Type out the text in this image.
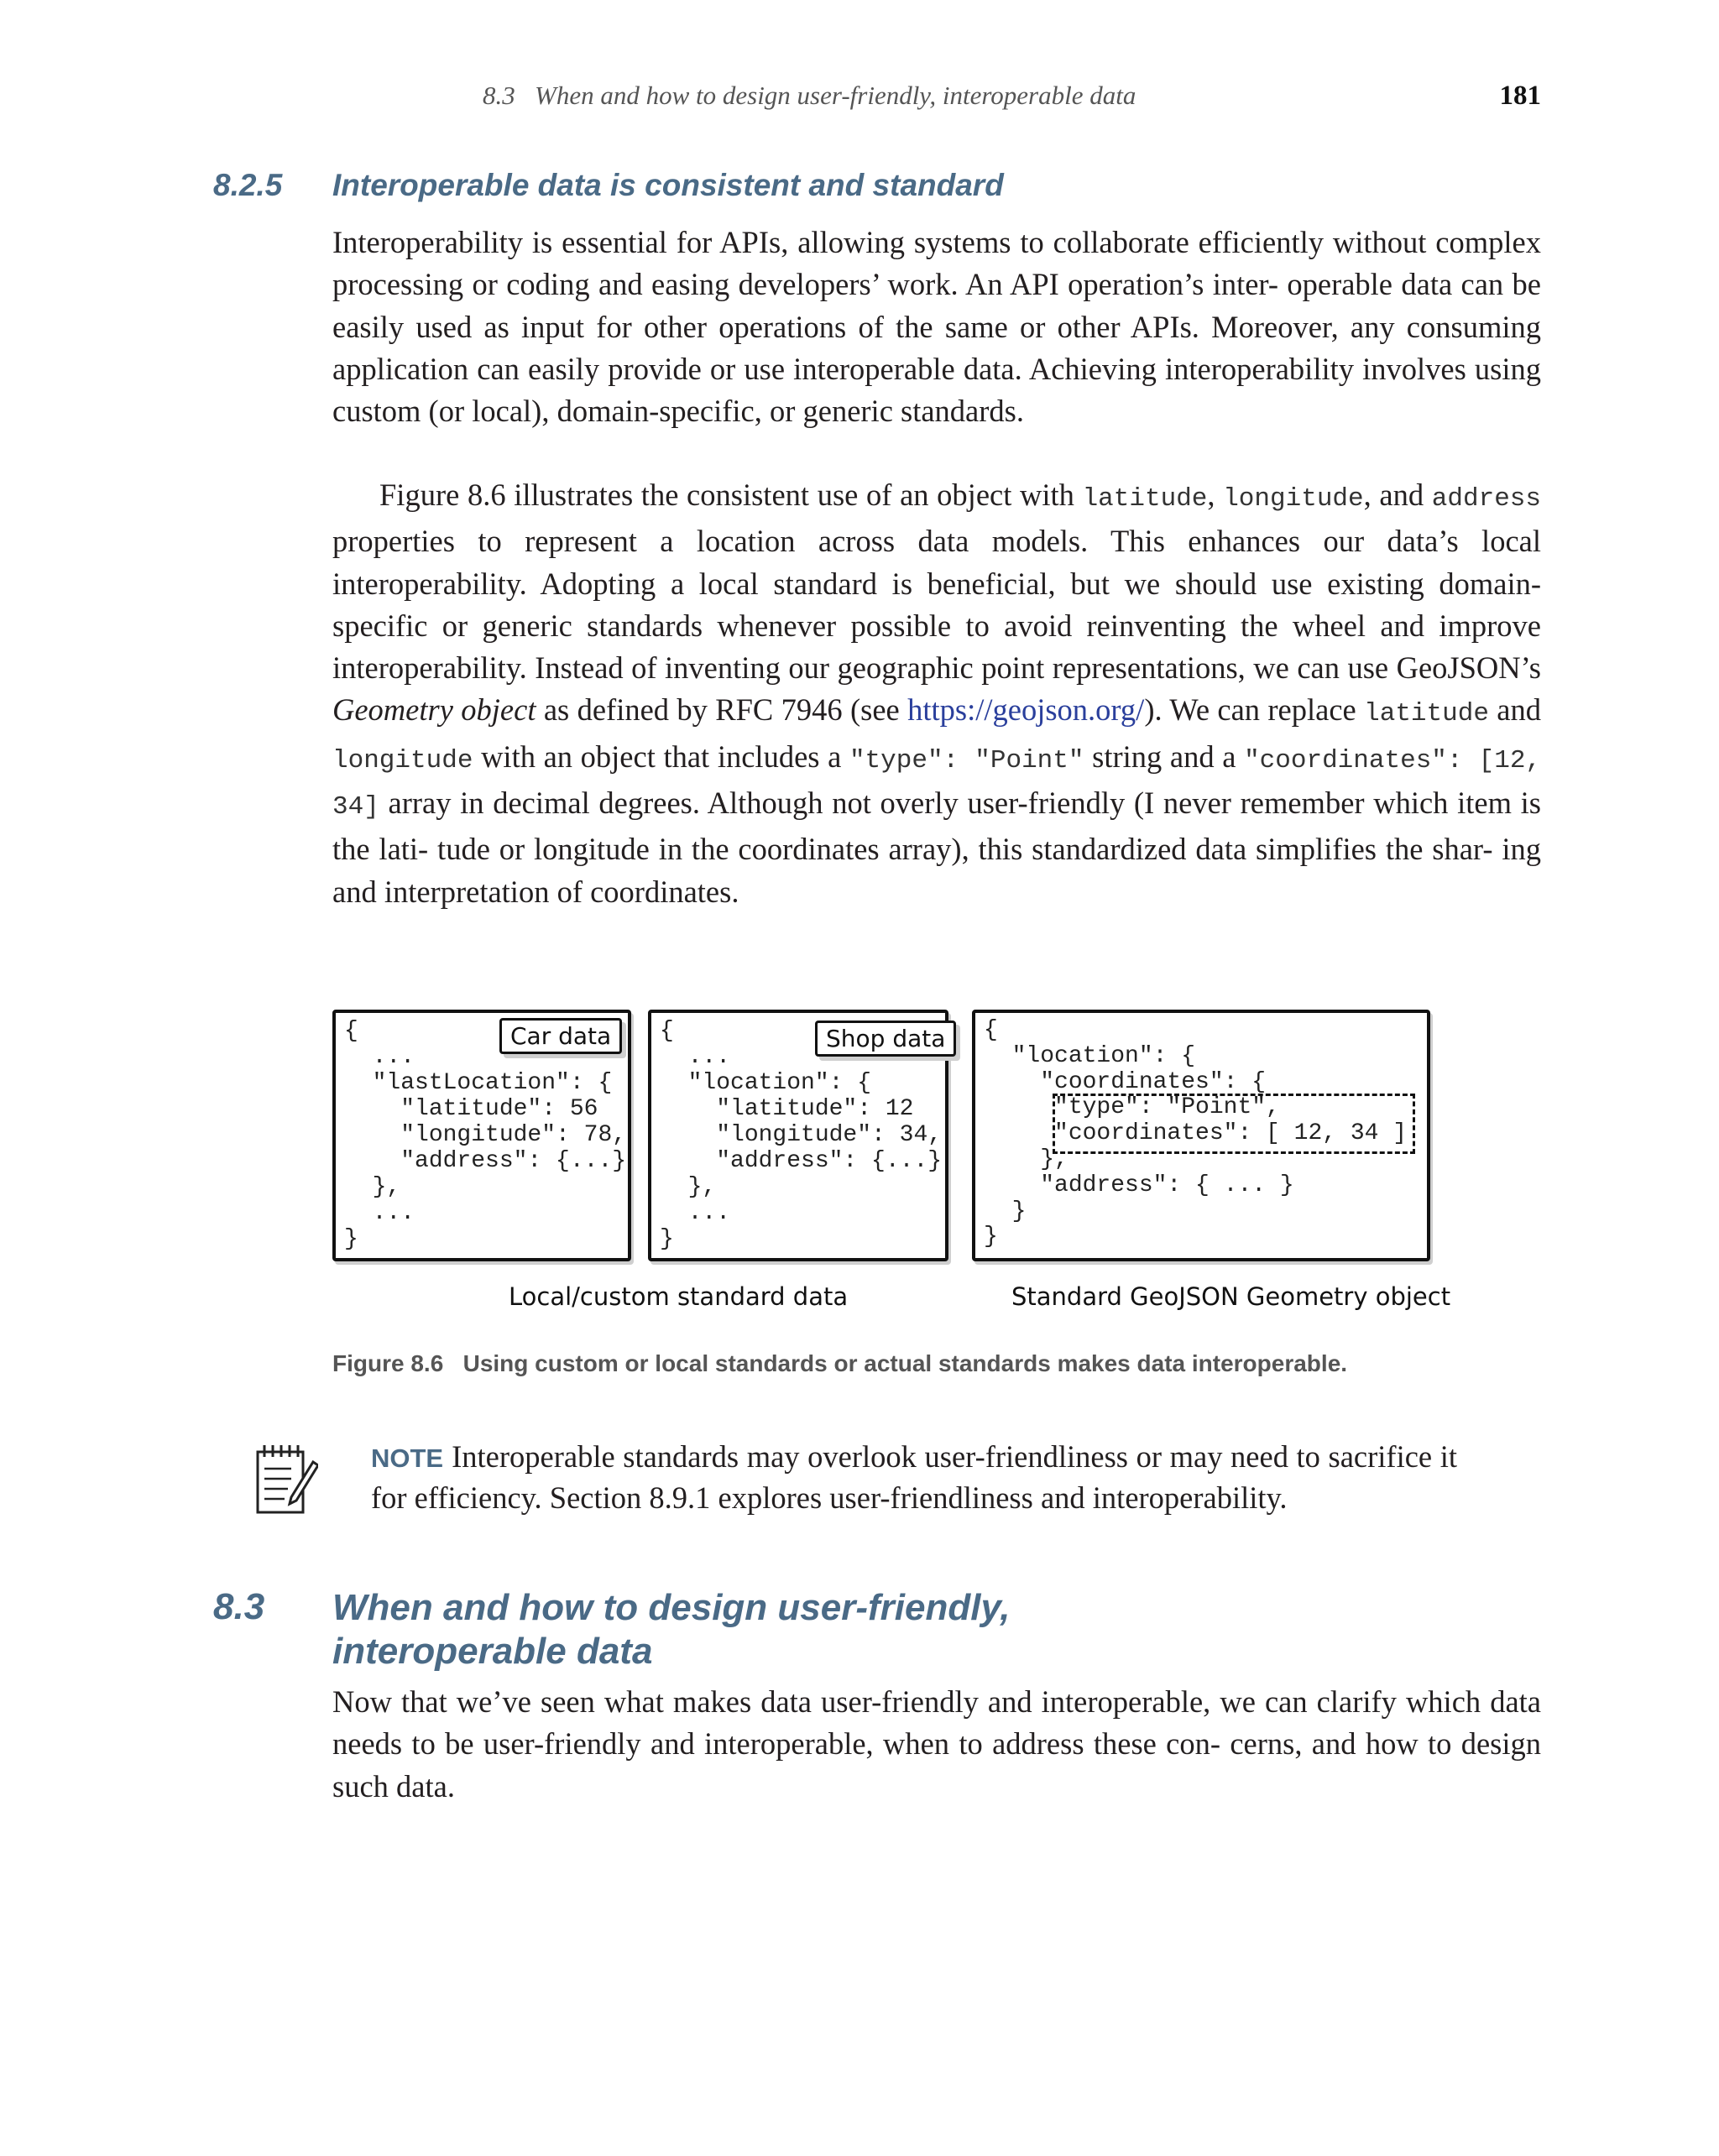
8.3   When and how to design user-friendly, interoperable data	181
8.2.5 Interoperable data is consistent and standard

Interoperability is essential for APIs, allowing systems to collaborate efficiently without complex processing or coding and easing developers’ work. An API operation’s inter- operable data can be easily used as input for other operations of the same or other APIs. Moreover, any consuming application can easily provide or use interoperable data. Achieving interoperability involves using custom (or local), domain-specific, or generic standards.

Figure 8.6 illustrates the consistent use of an object with latitude, longitude, and address properties to represent a location across data models. This enhances our data’s local interoperability. Adopting a local standard is beneficial, but we should use existing domain-specific or generic standards whenever possible to avoid reinventing the wheel and improve interoperability. Instead of inventing our geographic point representations, we can use GeoJSON’s Geometry object as defined by RFC 7946 (see https://geojson.org/). We can replace latitude and longitude with an object that includes a "type": "Point" string and a "coordinates": [12, 34] array in decimal degrees. Although not overly user-friendly (I never remember which item is the lati- tude or longitude in the coordinates array), this standardized data simplifies the shar- ing and interpretation of coordinates.

{
...
"lastLocation": {
"latitude": 56
"longitude": 78,
"address": {...}
},
...
}
Car data	{
...
"location": {
"latitude": 12
"longitude": 34,
"address": {...}
},
...
}
Shop data	{
"location": {
"coordinates": {
"type": "Point",
"coordinates": [ 12, 34 ]
},
"address": { ... }
}
}
Local/custom standard data	Standard GeoJSON Geometry object
Figure 8.6 Using custom or local standards or actual standards makes data interoperable.

NOTE Interoperable standards may overlook user-friendliness or may need to sacrifice it for efficiency. Section 8.9.1 explores user-friendliness and interoperability.

8.3 When and how to design user-friendly,
interoperable data

Now that we’ve seen what makes data user-friendly and interoperable, we can clarify which data needs to be user-friendly and interoperable, when to address these con- cerns, and how to design such data.
